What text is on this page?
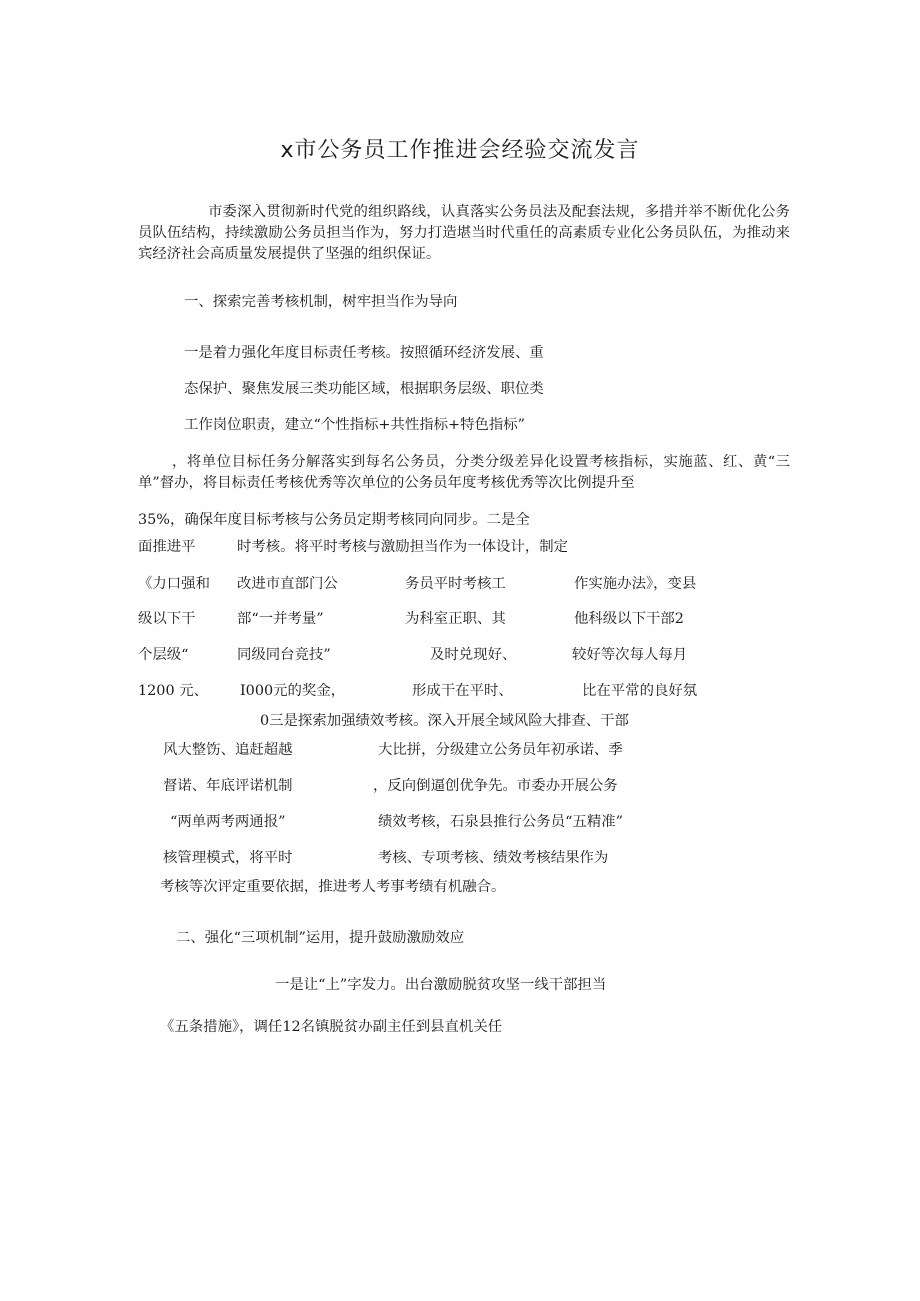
x市公务员工作推进会经验交流发言

市委深入贯彻新时代党的组织路线，认真落实公务员法及配套法规，多措并举不断优化公务员队伍结构，持续激励公务员担当作为，努力打造堪当时代重任的高素质专业化公务员队伍，为推动来宾经济社会高质量发展提供了坚强的组织保证。

一、探索完善考核机制，树牢担当作为导向

一是着力强化年度目标责任考核。按照循环经济发展、重

态保护、聚焦发展三类功能区域，根据职务层级、职位类

工作岗位职责，建立“个性指标+共性指标+特色指标”

，将单位目标任务分解落实到每名公务员，分类分级差异化设置考核指标，实施蓝、红、黄“三单”督办，将目标责任考核优秀等次单位的公务员年度考核优秀等次比例提升至

35%，确保年度目标考核与公务员定期考核同向同步。二是全

面推进平	时考核。将平时考核与激励担当作为一体设计，制定

《力口强和 改进市直部门公	务员平时考核工	作实施办法》，变县

级以下干	部“一并考量”	为科室正职、其	他科级以下干部2

个层级“	同级同台竞技”	及时兑现好、	较好等次每人每月

1200 元、 I000元的奖金，	形成干在平时、	比在平常的良好氛

0三是探索加强绩效考核。深入开展全域风险大排查、干部

风大整饬、追赶超越	大比拼，分级建立公务员年初承诺、季

督诺、年底评诺机制	，反向倒逼创优争先。市委办开展公务

“两单两考两通报”	绩效考核，石泉县推行公务员“五精准”

核管理模式，将平时	考核、专项考核、绩效考核结果作为

考核等次评定重要依据，推进考人考事考绩有机融合。

二、强化“三项机制”运用，提升鼓励激励效应

一是让“上”字发力。出台激励脱贫攻坚一线干部担当

《五条措施》，调任12名镇脱贫办副主任到县直机关任
